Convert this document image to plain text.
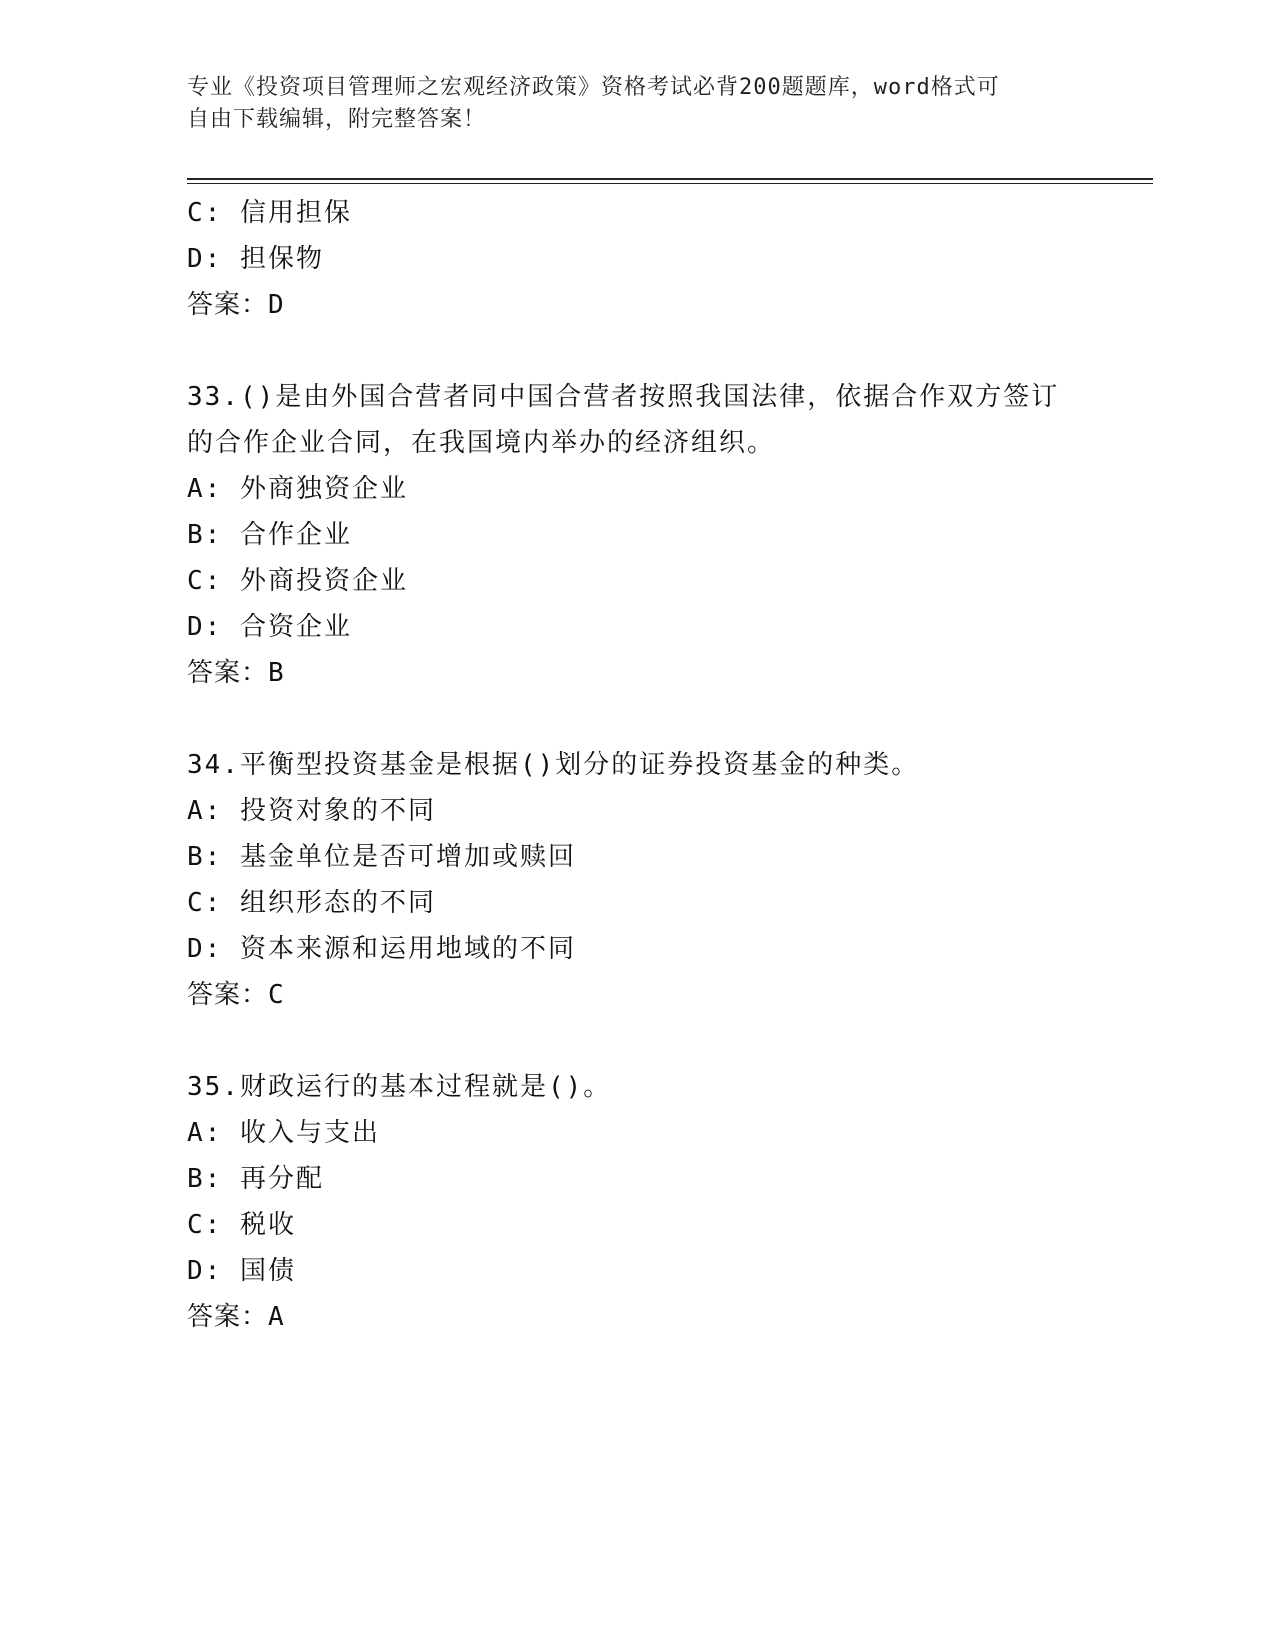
专业《投资项目管理师之宏观经济政策》资格考试必背200题题库，word格式可
自由下载编辑，附完整答案！
C: 信用担保
D: 担保物
答案：D
33.()是由外国合营者同中国合营者按照我国法律，依据合作双方签订
的合作企业合同，在我国境内举办的经济组织。
A: 外商独资企业
B: 合作企业
C: 外商投资企业
D: 合资企业
答案：B
34.平衡型投资基金是根据()划分的证券投资基金的种类。
A: 投资对象的不同
B: 基金单位是否可增加或赎回
C: 组织形态的不同
D: 资本来源和运用地域的不同
答案：C
35.财政运行的基本过程就是()。
A: 收入与支出
B: 再分配
C: 税收
D: 国债
答案：A
